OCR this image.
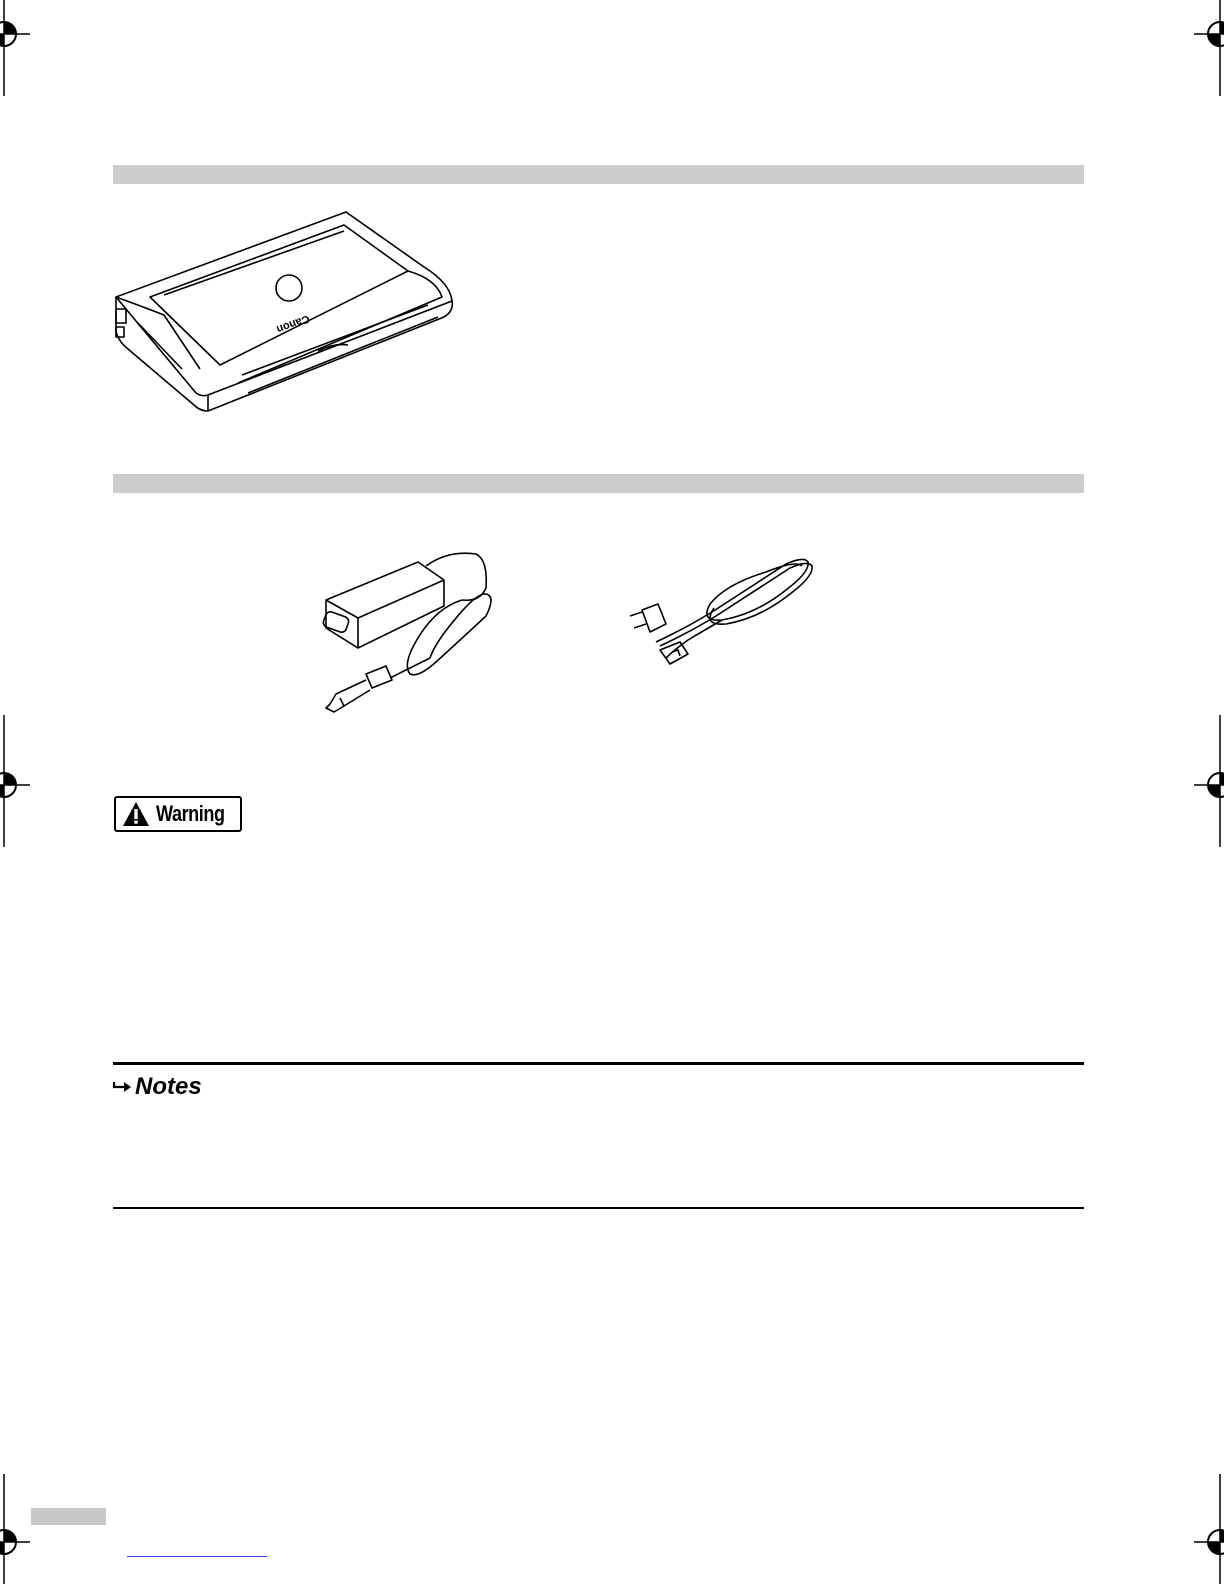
Canon
Warning
Notes
